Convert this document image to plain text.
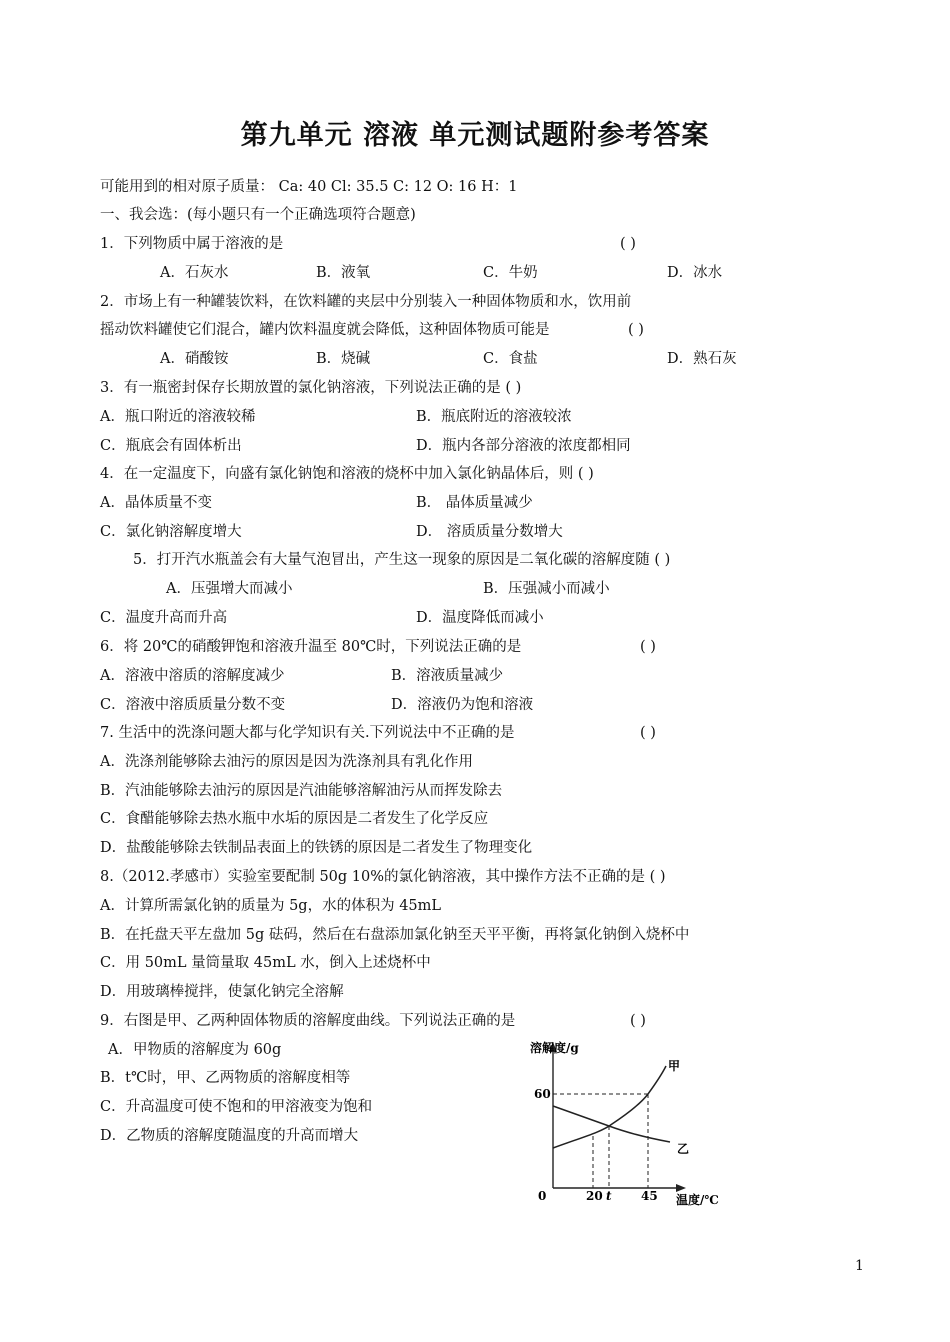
第九单元 溶液 单元测试题附参考答案
可能用到的相对原子质量： Ca: 40 Cl: 35.5 C: 12 O: 16 H：1
一、我会选：(每小题只有一个正确选项符合题意)
1．下列物质中属于溶液的是	( )
A．石灰水	B．液氧	C．牛奶	D．冰水
2．市场上有一种罐装饮料，在饮料罐的夹层中分别装入一种固体物质和水，饮用前
摇动饮料罐使它们混合，罐内饮料温度就会降低，这种固体物质可能是	( )
A．硝酸铵	B．烧碱	C．食盐	D．熟石灰
3．有一瓶密封保存长期放置的氯化钠溶液，下列说法正确的是 ( )
A．瓶口附近的溶液较稀	B．瓶底附近的溶液较浓
C．瓶底会有固体析出	D．瓶内各部分溶液的浓度都相同
4．在一定温度下，向盛有氯化钠饱和溶液的烧杯中加入氯化钠晶体后，则 ( )
A．晶体质量不变	B． 晶体质量减少
C．氯化钠溶解度增大	D． 溶质质量分数增大
5．打开汽水瓶盖会有大量气泡冒出，产生这一现象的原因是二氧化碳的溶解度随 ( )
A．压强增大而减小	B．压强减小而减小
C．温度升高而升高	D．温度降低而减小
6．将 20℃的硝酸钾饱和溶液升温至 80℃时，下列说法正确的是	( )
A．溶液中溶质的溶解度减少	B．溶液质量减少
C．溶液中溶质质量分数不变	D．溶液仍为饱和溶液
7. 生活中的洗涤问题大都与化学知识有关.下列说法中不正确的是	( )
A．洗涤剂能够除去油污的原因是因为洗涤剂具有乳化作用
B．汽油能够除去油污的原因是汽油能够溶解油污从而挥发除去
C．食醋能够除去热水瓶中水垢的原因是二者发生了化学反应
D．盐酸能够除去铁制品表面上的铁锈的原因是二者发生了物理变化
8.（2012.孝感市）实验室要配制 50g 10%的氯化钠溶液，其中操作方法不正确的是 ( )
A．计算所需氯化钠的质量为 5g，水的体积为 45mL
B．在托盘天平左盘加 5g 砝码，然后在右盘添加氯化钠至天平平衡，再将氯化钠倒入烧杯中
C．用 50mL 量筒量取 45mL 水，倒入上述烧杯中
D．用玻璃棒搅拌，使氯化钠完全溶解
9．右图是甲、乙两种固体物质的溶解度曲线。下列说法正确的是	( )
A．甲物质的溶解度为 60g
B．t℃时，甲、乙两物质的溶解度相等
C．升高温度可使不饱和的甲溶液变为饱和
D．乙物质的溶解度随温度的升高而增大
溶解度/g
温度/℃
60
0	20 t 45
甲
乙
1
